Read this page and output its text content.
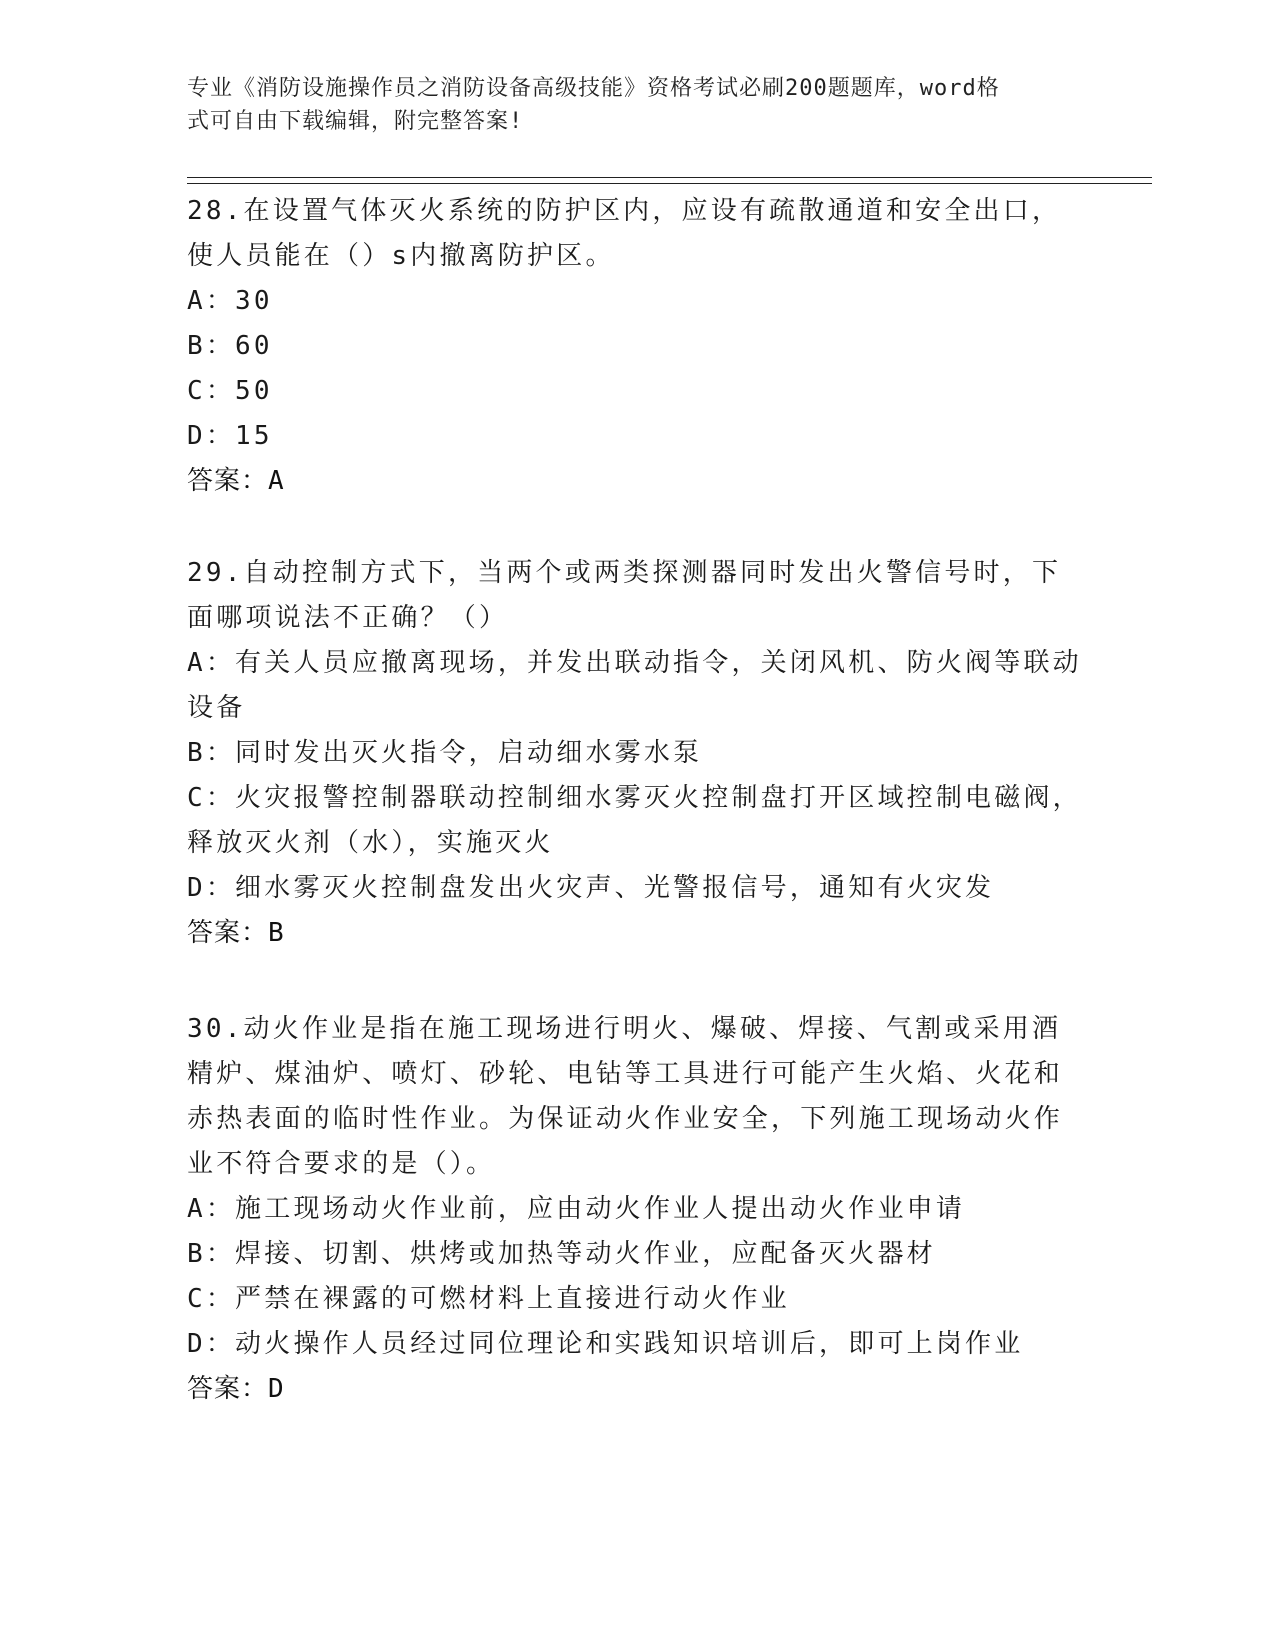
专业《消防设施操作员之消防设备高级技能》资格考试必刷200题题库，word格
式可自由下载编辑，附完整答案!

28.在设置气体灭火系统的防护区内，应设有疏散通道和安全出口，使人员能在（）s内撤离防护区。

A：30

B：60

C：50

D：15

答案：A

29.自动控制方式下，当两个或两类探测器同时发出火警信号时，下面哪项说法不正确？（）

A：有关人员应撤离现场，并发出联动指令，关闭风机、防火阀等联动设备

B：同时发出灭火指令，启动细水雾水泵

C：火灾报警控制器联动控制细水雾灭火控制盘打开区域控制电磁阀，释放灭火剂（水），实施灭火

D：细水雾灭火控制盘发出火灾声、光警报信号，通知有火灾发

答案：B

30.动火作业是指在施工现场进行明火、爆破、焊接、气割或采用酒精炉、煤油炉、喷灯、砂轮、电钻等工具进行可能产生火焰、火花和赤热表面的临时性作业。为保证动火作业安全，下列施工现场动火作业不符合要求的是（）。

A：施工现场动火作业前，应由动火作业人提出动火作业申请

B：焊接、切割、烘烤或加热等动火作业，应配备灭火器材

C：严禁在裸露的可燃材料上直接进行动火作业

D：动火操作人员经过同位理论和实践知识培训后，即可上岗作业

答案：D
